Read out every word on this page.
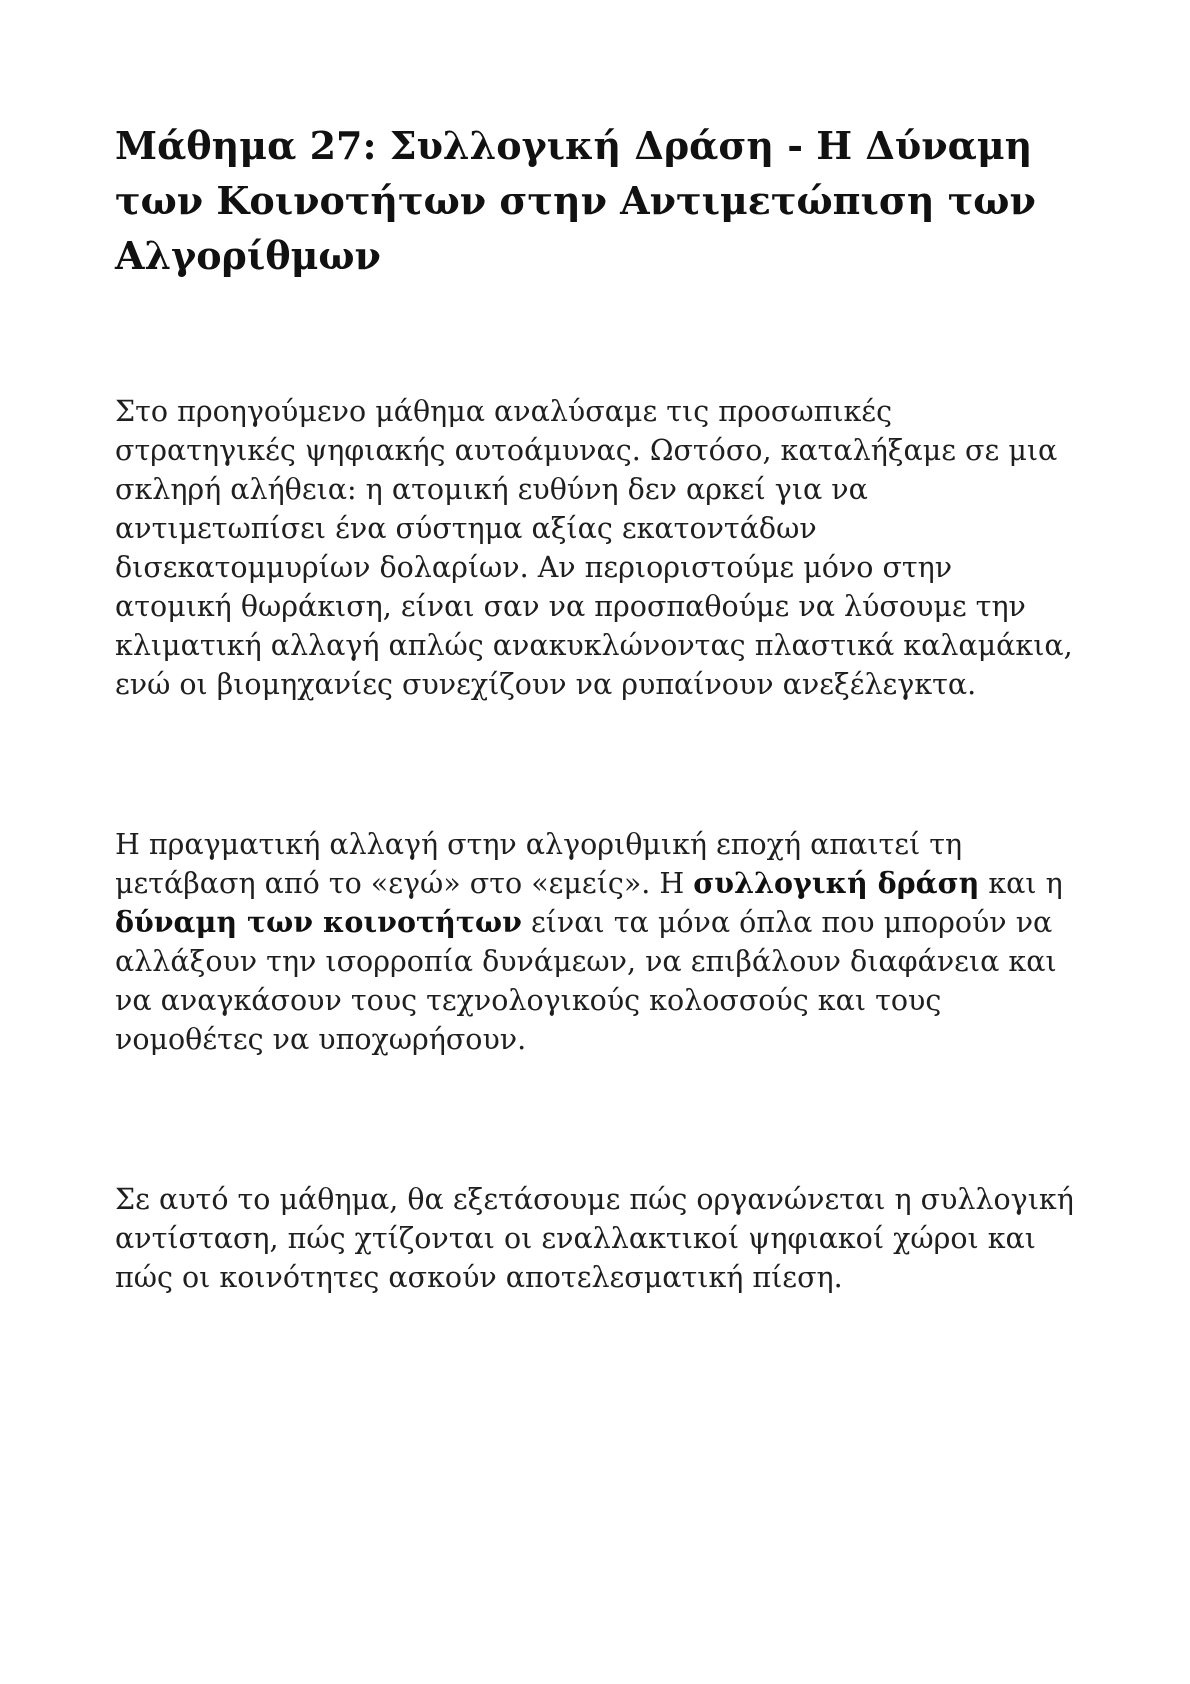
Μάθημα 27: Συλλογική Δράση - Η Δύναμη των Κοινοτήτων στην Αντιμετώπιση των Αλγορίθμων

Στο προηγούμενο μάθημα αναλύσαμε τις προσωπικές στρατηγικές ψηφιακής αυτοάμυνας. Ωστόσο, καταλήξαμε σε μια σκληρή αλήθεια: η ατομική ευθύνη δεν αρκεί για να αντιμετωπίσει ένα σύστημα αξίας εκατοντάδων δισεκατομμυρίων δολαρίων. Αν περιοριστούμε μόνο στην ατομική θωράκιση, είναι σαν να προσπαθούμε να λύσουμε την κλιματική αλλαγή απλώς ανακυκλώνοντας πλαστικά καλαμάκια, ενώ οι βιομηχανίες συνεχίζουν να ρυπαίνουν ανεξέλεγκτα.

Η πραγματική αλλαγή στην αλγοριθμική εποχή απαιτεί τη μετάβαση από το «εγώ» στο «εμείς». Η συλλογική δράση και η δύναμη των κοινοτήτων είναι τα μόνα όπλα που μπορούν να αλλάξουν την ισορροπία δυνάμεων, να επιβάλουν διαφάνεια και να αναγκάσουν τους τεχνολογικούς κολοσσούς και τους νομοθέτες να υποχωρήσουν.

Σε αυτό το μάθημα, θα εξετάσουμε πώς οργανώνεται η συλλογική αντίσταση, πώς χτίζονται οι εναλλακτικοί ψηφιακοί χώροι και πώς οι κοινότητες ασκούν αποτελεσματική πίεση.
